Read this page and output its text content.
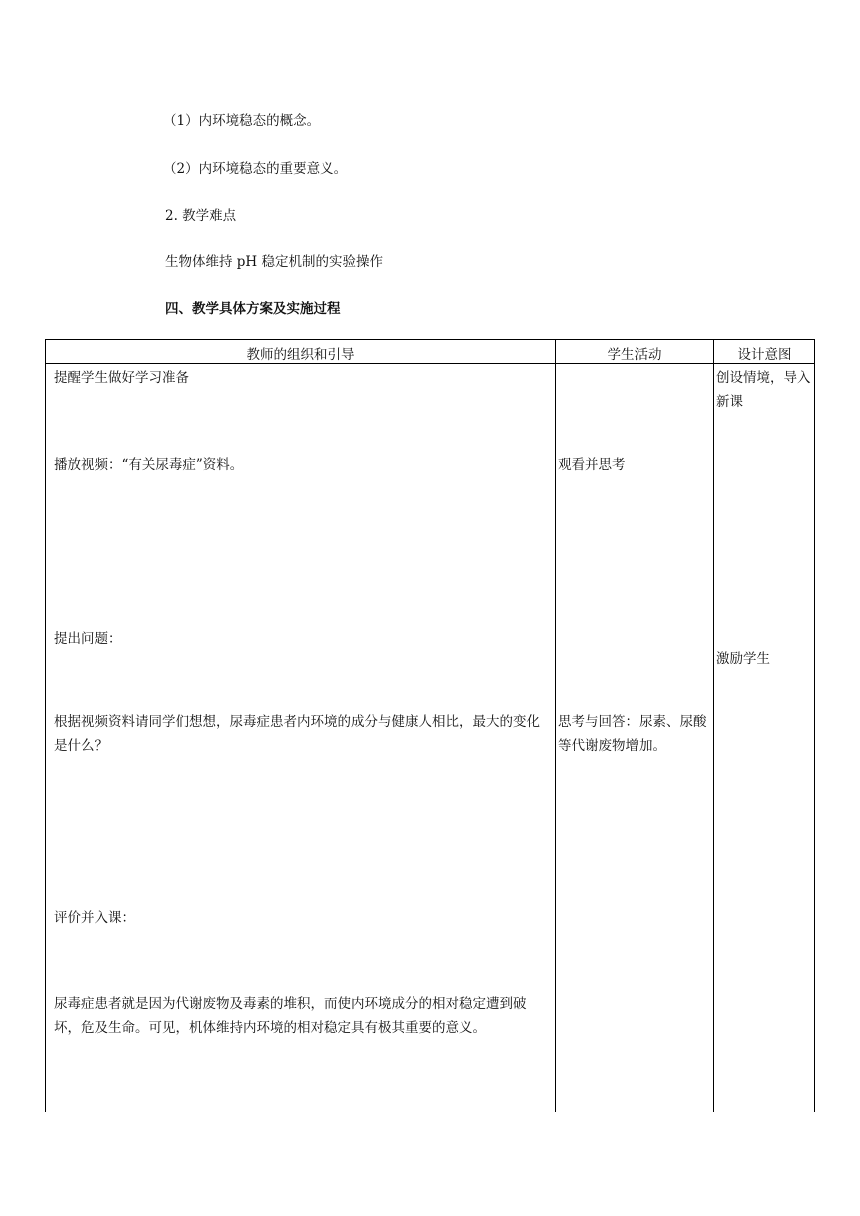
（1）内环境稳态的概念。
（2）内环境稳态的重要意义。
2. 教学难点
生物体维持 pH 稳定机制的实验操作
四、教学具体方案及实施过程
教师的组织和引导	学生活动	设计意图
提醒学生做好学习准备
播放视频：“有关尿毒症”资料。
提出问题：
根据视频资料请同学们想想，尿毒症患者内环境的成分与健康人相比，最大的变化是什么？
评价并入课：
尿毒症患者就是因为代谢废物及毒素的堆积，而使内环境成分的相对稳定遭到破坏，危及生命。可见，机体维持内环境的相对稳定具有极其重要的意义。
观看并思考
思考与回答：尿素、尿酸等代谢废物增加。
创设情境，导入新课
激励学生
